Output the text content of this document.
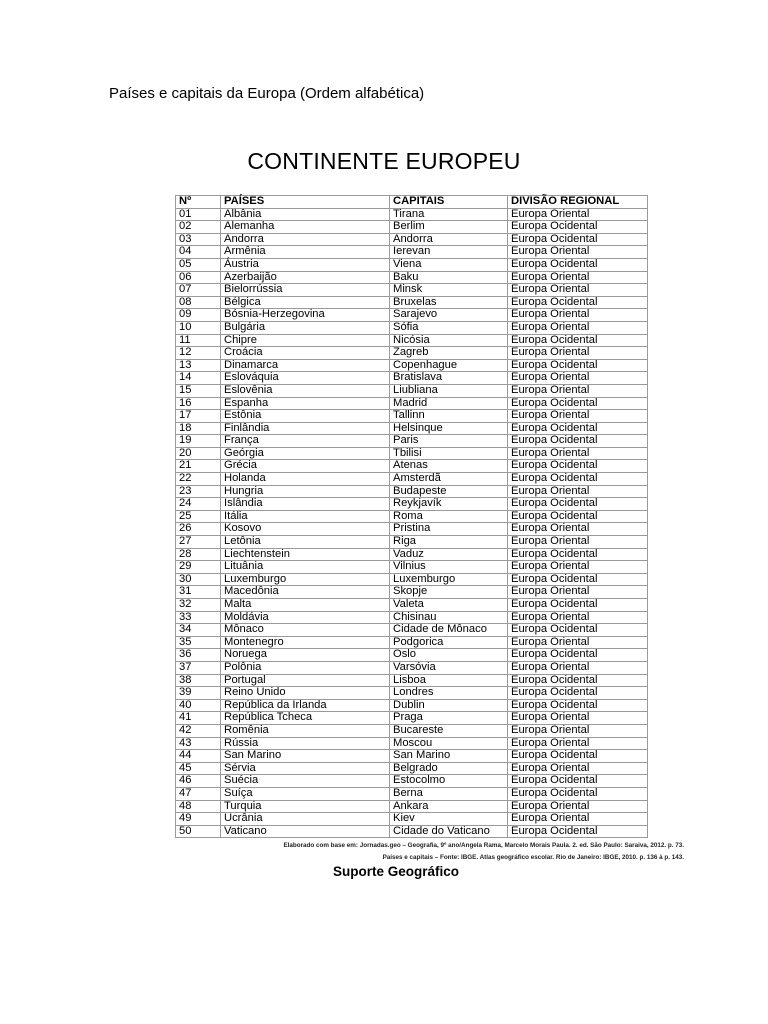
Países e capitais da Europa (Ordem alfabética)
CONTINENTE EUROPEU
Nº	PAÍSES	CAPITAIS	DIVISÃO REGIONAL
01	Albânia	Tirana	Europa Oriental
02	Alemanha	Berlim	Europa Ocidental
03	Andorra	Andorra	Europa Ocidental
04	Armênia	Ierevan	Europa Oriental
05	Áustria	Viena	Europa Ocidental
06	Azerbaijão	Baku	Europa Oriental
07	Bielorrússia	Minsk	Europa Oriental
08	Bélgica	Bruxelas	Europa Ocidental
09	Bósnia-Herzegovina	Sarajevo	Europa Oriental
10	Bulgária	Sófia	Europa Oriental
11	Chipre	Nicósia	Europa Ocidental
12	Croácia	Zagreb	Europa Oriental
13	Dinamarca	Copenhague	Europa Ocidental
14	Eslováquia	Bratislava	Europa Oriental
15	Eslovênia	Liubliana	Europa Oriental
16	Espanha	Madrid	Europa Ocidental
17	Estônia	Tallinn	Europa Oriental
18	Finlândia	Helsinque	Europa Ocidental
19	França	Paris	Europa Ocidental
20	Geórgia	Tbilisi	Europa Oriental
21	Grécia	Atenas	Europa Ocidental
22	Holanda	Amsterdã	Europa Ocidental
23	Hungria	Budapeste	Europa Oriental
24	Islândia	Reykjavík	Europa Ocidental
25	Itália	Roma	Europa Ocidental
26	Kosovo	Pristina	Europa Oriental
27	Letônia	Riga	Europa Oriental
28	Liechtenstein	Vaduz	Europa Ocidental
29	Lituânia	Vilnius	Europa Oriental
30	Luxemburgo	Luxemburgo	Europa Ocidental
31	Macedônia	Skopje	Europa Oriental
32	Malta	Valeta	Europa Ocidental
33	Moldávia	Chisinau	Europa Oriental
34	Mônaco	Cidade de Mônaco	Europa Ocidental
35	Montenegro	Podgorica	Europa Oriental
36	Noruega	Oslo	Europa Ocidental
37	Polônia	Varsóvia	Europa Oriental
38	Portugal	Lisboa	Europa Ocidental
39	Reino Unido	Londres	Europa Ocidental
40	República da Irlanda	Dublin	Europa Ocidental
41	República Tcheca	Praga	Europa Oriental
42	Romênia	Bucareste	Europa Oriental
43	Rússia	Moscou	Europa Oriental
44	San Marino	San Marino	Europa Ocidental
45	Sérvia	Belgrado	Europa Oriental
46	Suécia	Estocolmo	Europa Ocidental
47	Suíça	Berna	Europa Ocidental
48	Turquia	Ankara	Europa Oriental
49	Ucrânia	Kiev	Europa Oriental
50	Vaticano	Cidade do Vaticano	Europa Ocidental
Elaborado com base em: Jornadas.geo – Geografia, 9º ano/Angela Rama, Marcelo Morais Paula. 2. ed. São Paulo: Saraiva, 2012. p. 73.
Países e capitais – Fonte: IBGE. Atlas geográfico escolar. Rio de Janeiro: IBGE, 2010. p. 136 à p. 143.
Suporte Geográfico
